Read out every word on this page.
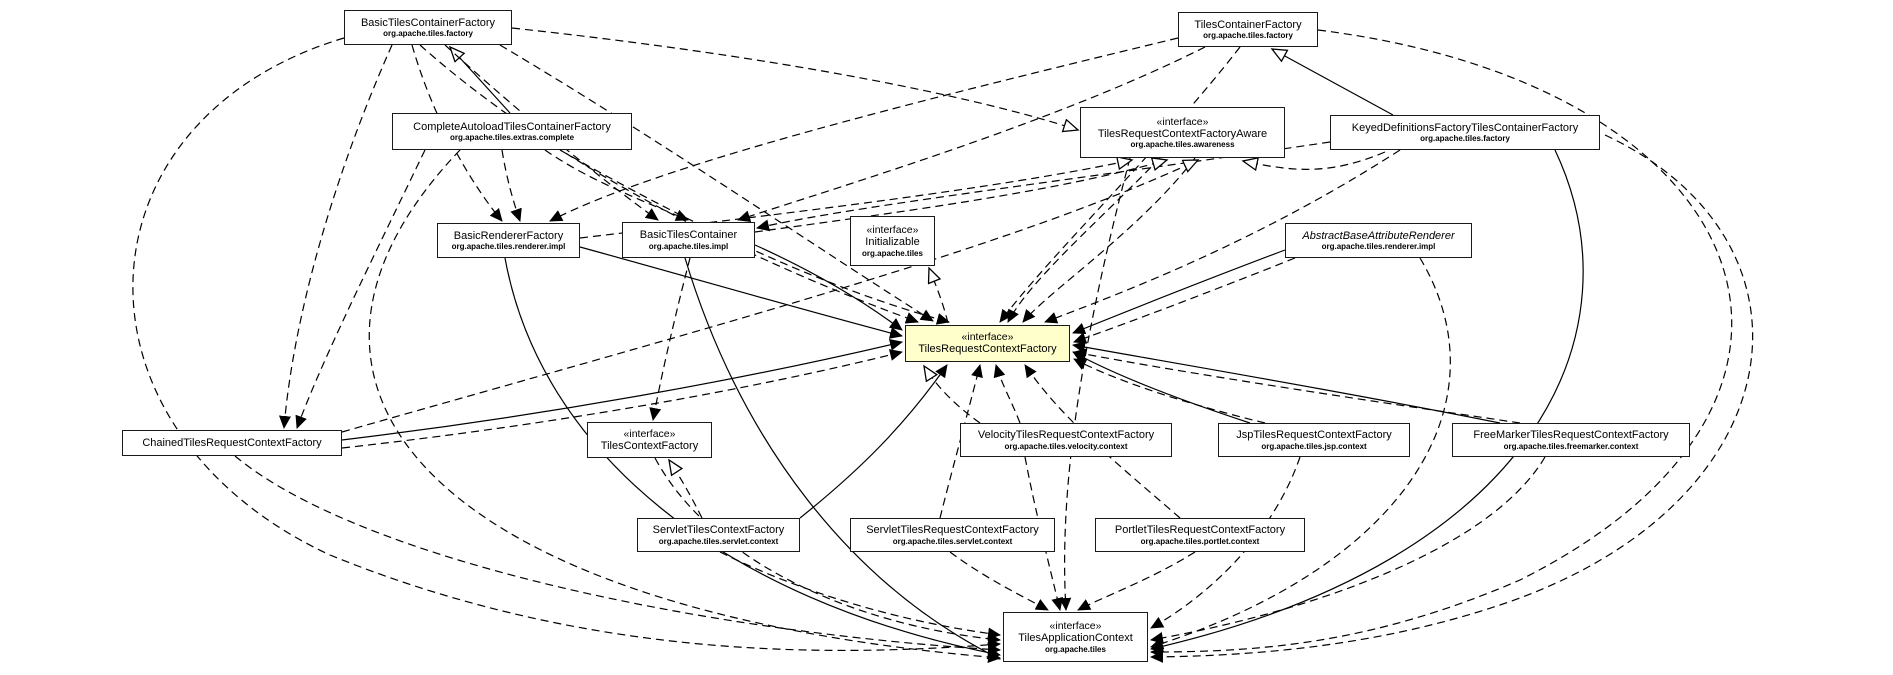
*
BasicTilesContainerFactory
org.apache.tiles.factory
CompleteAutoloadTilesContainerFactory
org.apache.tiles.extras.complete
TilesContainerFactory
org.apache.tiles.factory
«interface»
TilesRequestContextFactoryAware
org.apache.tiles.awareness
KeyedDefinitionsFactoryTilesContainerFactory
org.apache.tiles.factory
BasicRendererFactory
org.apache.tiles.renderer.impl
BasicTilesContainer
org.apache.tiles.impl
«interface»
Initializable
org.apache.tiles
AbstractBaseAttributeRenderer
org.apache.tiles.renderer.impl
«interface»
TilesRequestContextFactory
ChainedTilesRequestContextFactory
«interface»
TilesContextFactory
VelocityTilesRequestContextFactory
org.apache.tiles.velocity.context
JspTilesRequestContextFactory
org.apache.tiles.jsp.context
FreeMarkerTilesRequestContextFactory
org.apache.tiles.freemarker.context
ServletTilesContextFactory
org.apache.tiles.servlet.context
ServletTilesRequestContextFactory
org.apache.tiles.servlet.context
PortletTilesRequestContextFactory
org.apache.tiles.portlet.context
«interface»
TilesApplicationContext
org.apache.tiles
